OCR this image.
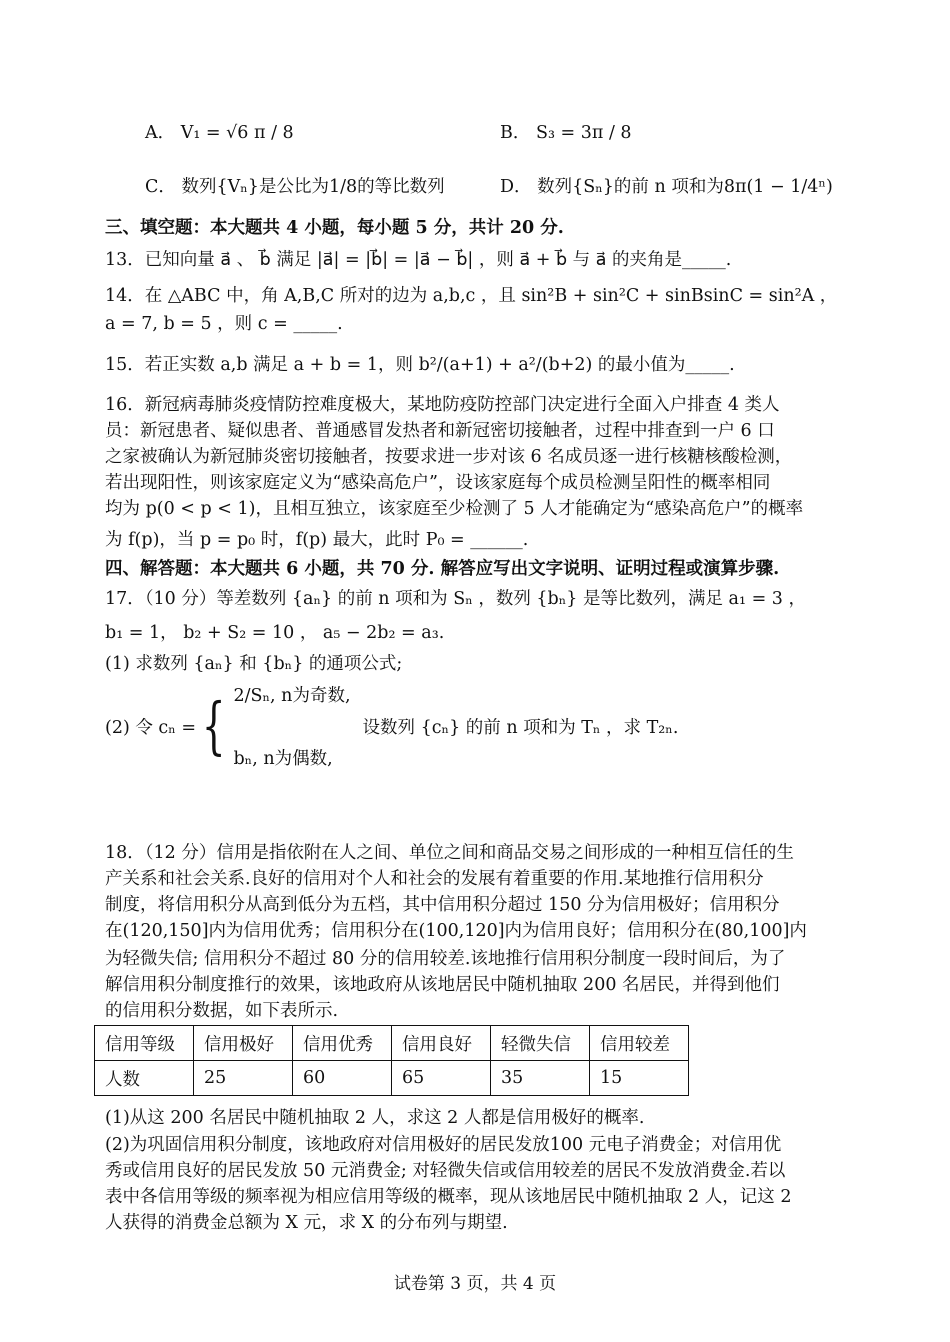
A． V₁ = √6 π / 8	B． S₃ = 3π / 8
C． 数列{Vₙ}是公比为1/8的等比数列	D． 数列{Sₙ}的前 n 项和为8π(1 − 1/4ⁿ)
三、填空题：本大题共 4 小题，每小题 5 分，共计 20 分.
13．已知向量 a⃗ 、 b⃗ 满足 |a⃗| = |b⃗| = |a⃗ − b⃗| ，则 a⃗ + b⃗ 与 a⃗ 的夹角是_____.
14．在 △ABC 中，角 A,B,C 所对的边为 a,b,c ，且 sin²B + sin²C + sinBsinC = sin²A ，
a = 7, b = 5 ，则 c = _____.
15．若正实数 a,b 满足 a + b = 1，则 b²/(a+1) + a²/(b+2) 的最小值为_____.
16．新冠病毒肺炎疫情防控难度极大，某地防疫防控部门决定进行全面入户排查 4 类人
员：新冠患者、疑似患者、普通感冒发热者和新冠密切接触者，过程中排查到一户 6 口
之家被确认为新冠肺炎密切接触者，按要求进一步对该 6 名成员逐一进行核糖核酸检测，
若出现阳性，则该家庭定义为“感染高危户”，设该家庭每个成员检测呈阳性的概率相同
均为 p(0 < p < 1)，且相互独立，该家庭至少检测了 5 人才能确定为“感染高危户”的概率
为 f(p)，当 p = p₀ 时，f(p) 最大，此时 P₀ = ______.
四、解答题：本大题共 6 小题，共 70 分. 解答应写出文字说明、证明过程或演算步骤.
17．（10 分）等差数列 {aₙ} 的前 n 项和为 Sₙ ，数列 {bₙ} 是等比数列，满足 a₁ = 3 ，
b₁ = 1， b₂ + S₂ = 10 ， a₅ − 2b₂ = a₃.
(1) 求数列 {aₙ} 和 {bₙ} 的通项公式;
(2) 令 cₙ = { 2/Sₙ, n为奇数,
bₙ, n为偶数,
设数列 {cₙ} 的前 n 项和为 Tₙ ，求 T₂ₙ.
18．（12 分）信用是指依附在人之间、单位之间和商品交易之间形成的一种相互信任的生
产关系和社会关系.良好的信用对个人和社会的发展有着重要的作用.某地推行信用积分
制度，将信用积分从高到低分为五档，其中信用积分超过 150 分为信用极好；信用积分
在(120,150]内为信用优秀；信用积分在(100,120]内为信用良好；信用积分在(80,100]内
为轻微失信; 信用积分不超过 80 分的信用较差.该地推行信用积分制度一段时间后，为了
解信用积分制度推行的效果，该地政府从该地居民中随机抽取 200 名居民，并得到他们
的信用积分数据，如下表所示.
信用等级	信用极好	信用优秀	信用良好	轻微失信	信用较差
人数	25	60	65	35	15
(1)从这 200 名居民中随机抽取 2 人，求这 2 人都是信用极好的概率.
(2)为巩固信用积分制度，该地政府对信用极好的居民发放100 元电子消费金；对信用优
秀或信用良好的居民发放 50 元消费金; 对轻微失信或信用较差的居民不发放消费金.若以
表中各信用等级的频率视为相应信用等级的概率，现从该地居民中随机抽取 2 人，记这 2
人获得的消费金总额为 X 元，求 X 的分布列与期望.
试卷第 3 页，共 4 页
